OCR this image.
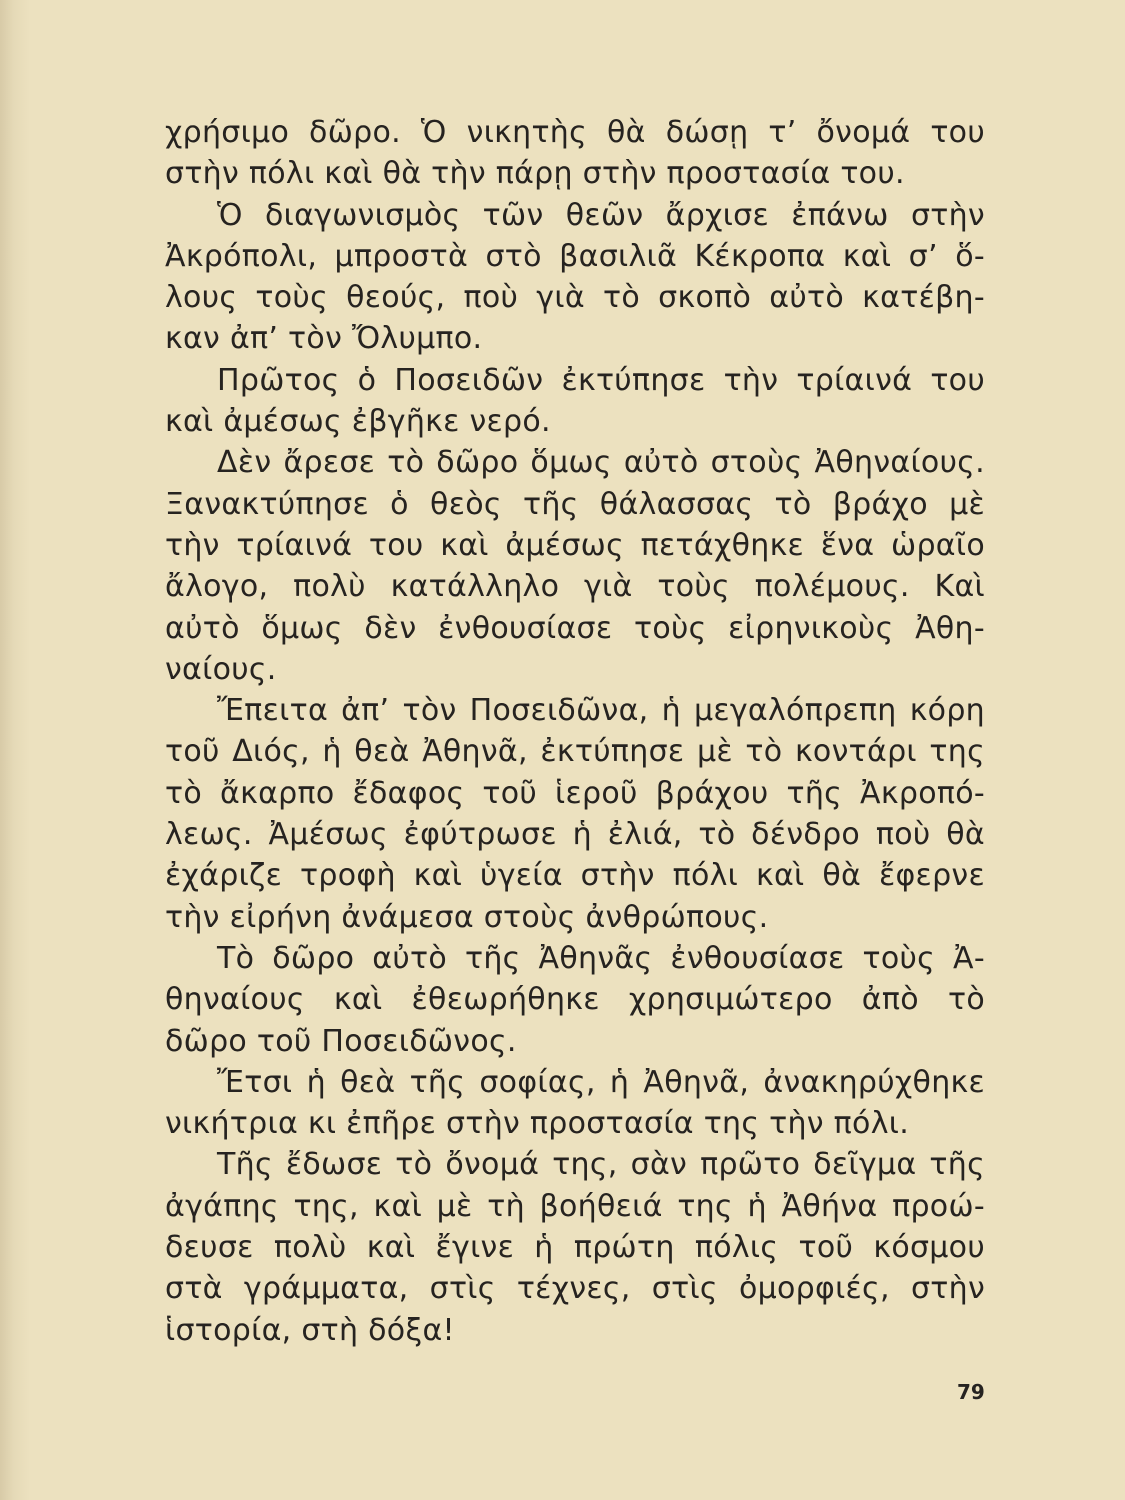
χρήσιμο δῶρο. Ὁ νικητὴς θὰ δώσῃ τ’ ὄνομά του
στὴν πόλι καὶ θὰ τὴν πάρῃ στὴν προστασία του.
Ὁ διαγωνισμὸς τῶν θεῶν ἄρχισε ἐπάνω στὴν
Ἀκρόπολι, μπροστὰ στὸ βασιλιᾶ Κέκροπα καὶ σ’ ὅ-
λους τοὺς θεούς, ποὺ γιὰ τὸ σκοπὸ αὐτὸ κατέβη-
καν ἀπ’ τὸν Ὄλυμπο.
Πρῶτος ὁ Ποσειδῶν ἐκτύπησε τὴν τρίαινά του
καὶ ἀμέσως ἐβγῆκε νερό.
Δὲν ἄρεσε τὸ δῶρο ὅμως αὐτὸ στοὺς Ἀθηναίους.
Ξανακτύπησε ὁ θεὸς τῆς θάλασσας τὸ βράχο μὲ
τὴν τρίαινά του καὶ ἀμέσως πετάχθηκε ἕνα ὡραῖο
ἄλογο, πολὺ κατάλληλο γιὰ τοὺς πολέμους. Καὶ
αὐτὸ ὅμως δὲν ἐνθουσίασε τοὺς εἰρηνικοὺς Ἀθη-
ναίους.
Ἔπειτα ἀπ’ τὸν Ποσειδῶνα, ἡ μεγαλόπρεπη κόρη
τοῦ Διός, ἡ θεὰ Ἀθηνᾶ, ἐκτύπησε μὲ τὸ κοντάρι της
τὸ ἄκαρπο ἔδαφος τοῦ ἱεροῦ βράχου τῆς Ἀκροπό-
λεως. Ἀμέσως ἐφύτρωσε ἡ ἐλιά, τὸ δένδρο ποὺ θὰ
ἐχάριζε τροφὴ καὶ ὑγεία στὴν πόλι καὶ θὰ ἔφερνε
τὴν εἰρήνη ἀνάμεσα στοὺς ἀνθρώπους.
Τὸ δῶρο αὐτὸ τῆς Ἀθηνᾶς ἐνθουσίασε τοὺς Ἀ-
θηναίους καὶ ἐθεωρήθηκε χρησιμώτερο ἀπὸ τὸ
δῶρο τοῦ Ποσειδῶνος.
Ἔτσι ἡ θεὰ τῆς σοφίας, ἡ Ἀθηνᾶ, ἀνακηρύχθηκε
νικήτρια κι ἐπῆρε στὴν προστασία της τὴν πόλι.
Τῆς ἔδωσε τὸ ὄνομά της, σὰν πρῶτο δεῖγμα τῆς
ἀγάπης της, καὶ μὲ τὴ βοήθειά της ἡ Ἀθήνα προώ-
δευσε πολὺ καὶ ἔγινε ἡ πρώτη πόλις τοῦ κόσμου
στὰ γράμματα, στὶς τέχνες, στὶς ὀμορφιές, στὴν
ἱστορία, στὴ δόξα!
79
